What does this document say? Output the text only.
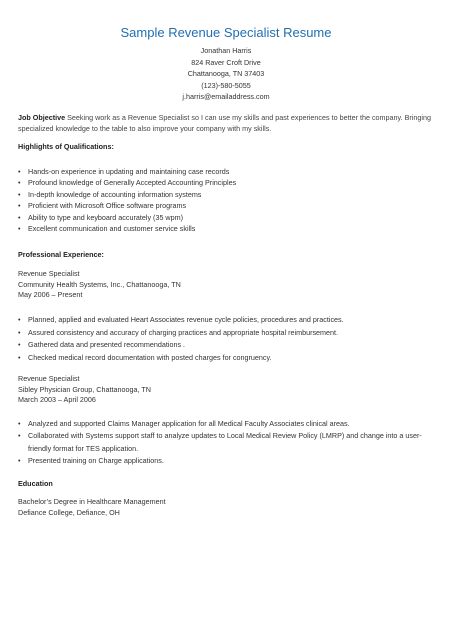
Sample Revenue Specialist Resume
Jonathan Harris
824 Raver Croft Drive
Chattanooga, TN 37403
(123)-580-5055
j.harris@emailaddress.com
Job Objective Seeking work as a Revenue Specialist so I can use my skills and past experiences to better the company. Bringing specialized knowledge to the table to also improve your company with my skills.
Highlights of Qualifications:
• Hands-on experience in updating and maintaining case records
• Profound knowledge of Generally Accepted Accounting Principles
• In-depth knowledge of accounting information systems
• Proficient with Microsoft Office software programs
• Ability to type and keyboard accurately (35 wpm)
• Excellent communication and customer service skills
Professional Experience:
Revenue Specialist
Community Health Systems, Inc., Chattanooga, TN
May 2006 – Present
• Planned, applied and evaluated Heart Associates revenue cycle policies, procedures and practices.
• Assured consistency and accuracy of charging practices and appropriate hospital reimbursement.
• Gathered data and presented recommendations .
• Checked medical record documentation with posted charges for congruency.
Revenue Specialist
Sibley Physician Group, Chattanooga, TN
March 2003 – April 2006
• Analyzed and supported Claims Manager application for all Medical Faculty Associates clinical areas.
• Collaborated with Systems support staff to analyze updates to Local Medical Review Policy (LMRP) and change into a user-friendly format for TES application.
• Presented training on Charge applications.
Education
Bachelor’s Degree in Healthcare Management
Defiance College, Defiance, OH
